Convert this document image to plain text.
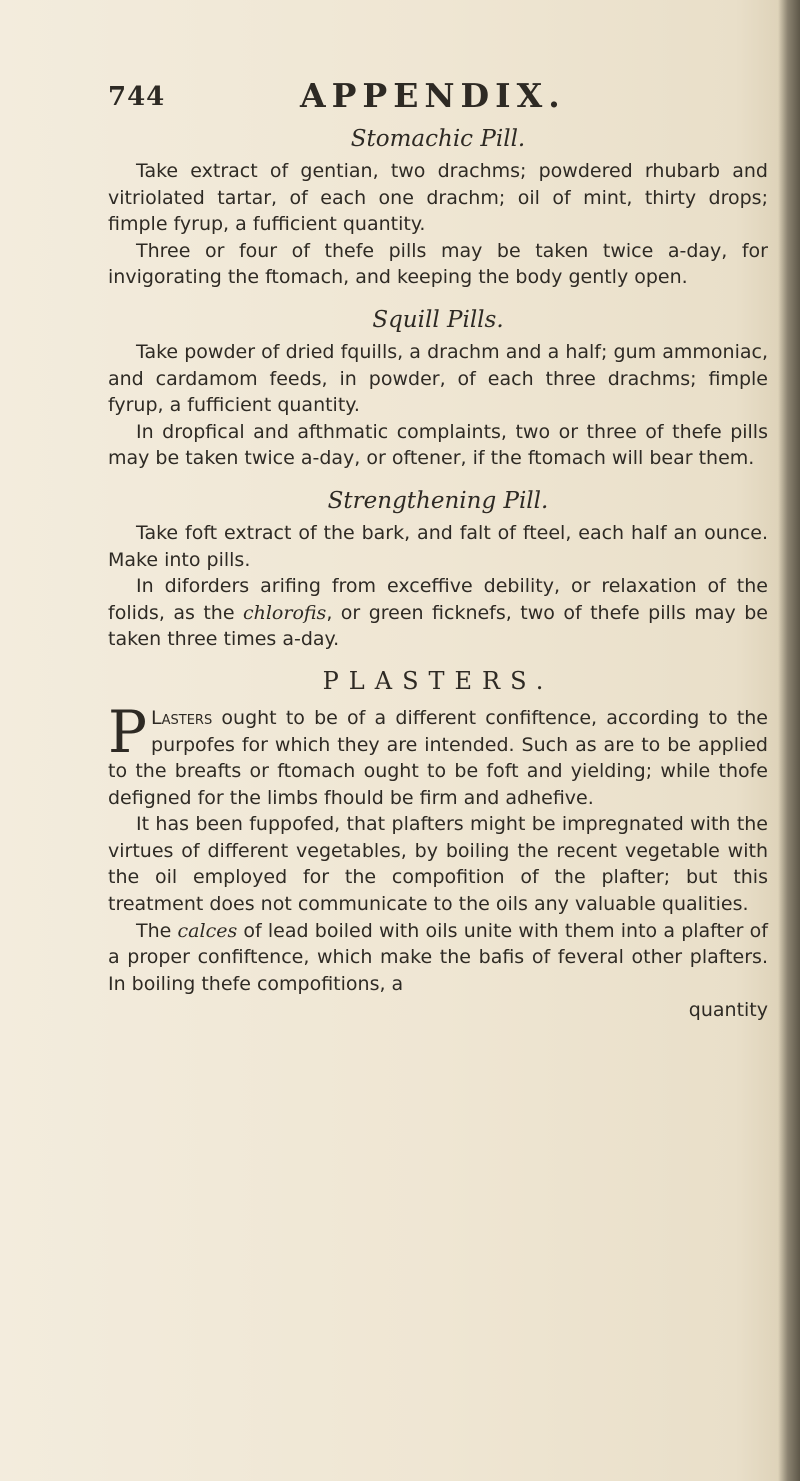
744	APPENDIX.

Stomachic Pill.

Take extract of gentian, two drachms; powdered rhubarb and vitriolated tartar, of each one drachm; oil of mint, thirty drops; fimple fyrup, a fufficient quantity.

Three or four of thefe pills may be taken twice a-day, for invigorating the ftomach, and keeping the body gently open.

Squill Pills.

Take powder of dried fquills, a drachm and a half; gum ammoniac, and cardamom feeds, in powder, of each three drachms; fimple fyrup, a fufficient quantity.

In dropfical and afthmatic complaints, two or three of thefe pills may be taken twice a-day, or oftener, if the ftomach will bear them.

Strengthening Pill.

Take foft extract of the bark, and falt of fteel, each half an ounce. Make into pills.

In diforders arifing from exceffive debility, or relaxation of the folids, as the chlorofis, or green ficknefs, two of thefe pills may be taken three times a-day.

PLASTERS.

P Lasters ought to be of a different confiftence, according to the purpofes for which they are intended. Such as are to be applied to the breafts or ftomach ought to be foft and yielding; while thofe defigned for the limbs fhould be firm and adhefive.

It has been fuppofed, that plafters might be impregnated with the virtues of different vegetables, by boiling the recent vegetable with the oil employed for the compofition of the plafter; but this treatment does not communicate to the oils any valuable qualities.

The calces of lead boiled with oils unite with them into a plafter of a proper confiftence, which make the bafis of feveral other plafters. In boiling thefe compofitions, a

quantity
